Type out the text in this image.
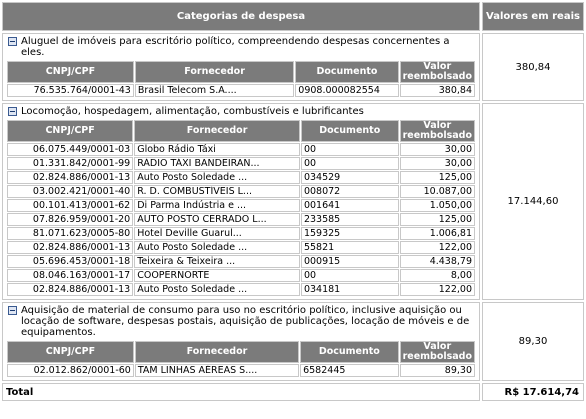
Categorias de despesa	Valores em reais

Aluguel de imóveis para escritório político, compreendendo despesas concernentes a eles.
CNPJ/CPF	Fornecedor	Documento	Valor reembolsado
76.535.764/0001-43	Brasil Telecom S.A....	0908.000082554	380,84
	380,84

Locomoção, hospedagem, alimentação, combustíveis e lubrificantes
CNPJ/CPF	Fornecedor	Documento	Valor reembolsado
06.075.449/0001-03	Globo Rádio Táxi	00	30,00
01.331.842/0001-99	RÁDIO TÁXI BANDEIRAN...	00	30,00
02.824.886/0001-13	Auto Posto Soledade ...	034529	125,00
03.002.421/0001-40	R. D. COMBUSTÍVEIS L...	008072	10.087,00
00.101.413/0001-62	Di Parma Indústria e ...	001641	1.050,00
07.826.959/0001-20	AUTO POSTO CERRADO L...	233585	125,00
81.071.623/0005-80	Hotel Deville Guarul...	159325	1.006,81
02.824.886/0001-13	Auto Posto Soledade ...	55821	122,00
05.696.453/0001-18	Teixeira & Teixeira ...	000915	4.438,79
08.046.163/0001-17	COOPERNORTE	00	8,00
02.824.886/0001-13	Auto Posto Soledade ...	034181	122,00
	17.144,60

Aquisição de material de consumo para uso no escritório político, inclusive aquisição ou locação de software, despesas postais, aquisição de publicações, locação de móveis e de equipamentos.
CNPJ/CPF	Fornecedor	Documento	Valor reembolsado
02.012.862/0001-60	TAM LINHAS AÉREAS S....	6582445	89,30
	89,30
Total	R$ 17.614,74
